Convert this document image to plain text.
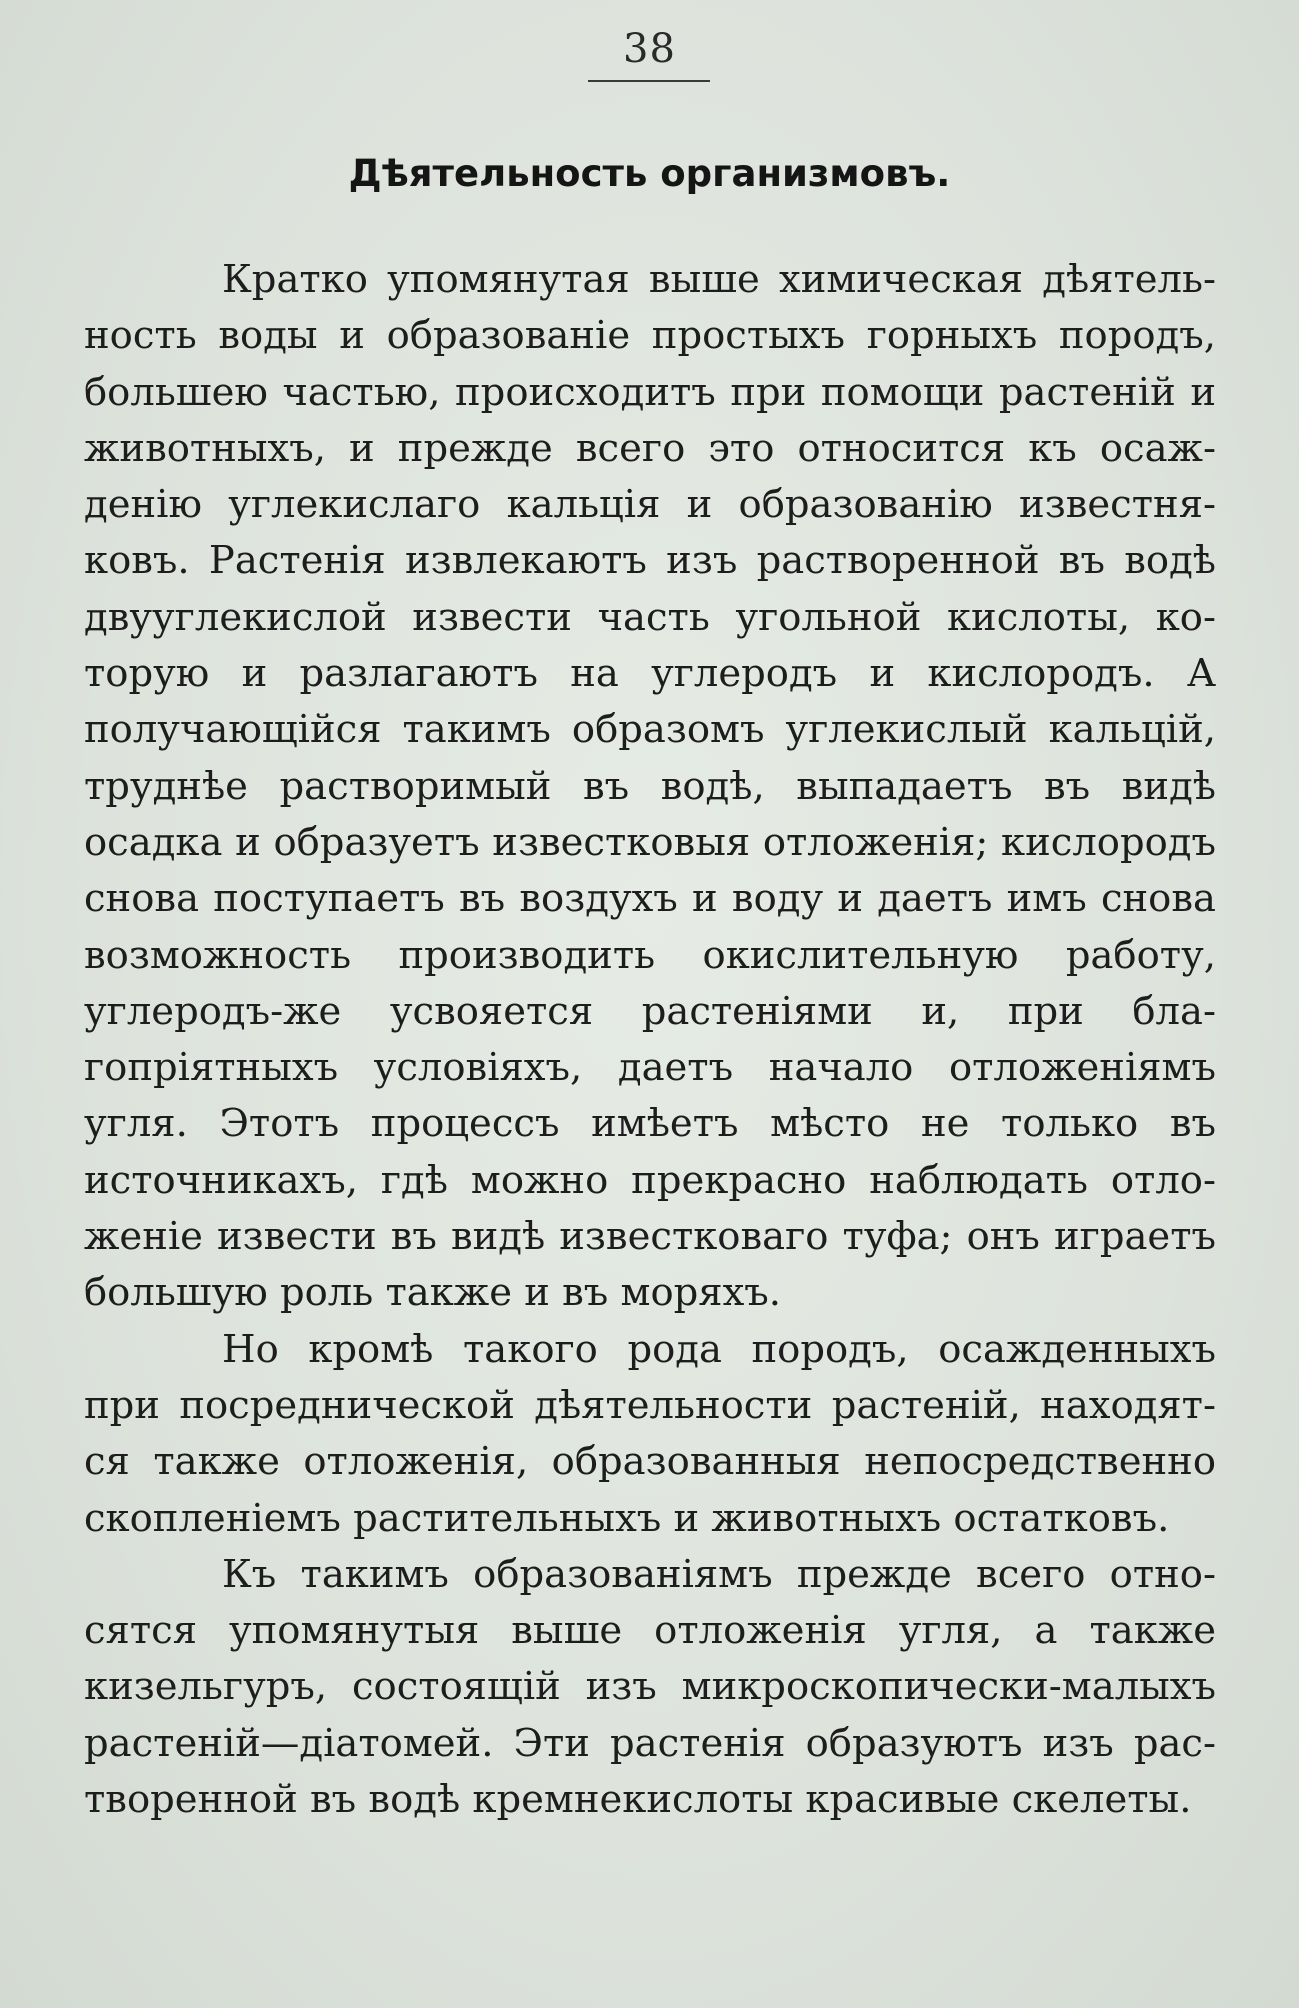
38
Дѣятельность организмовъ.

Кратко упомянутая выше химическая дѣятельность воды и образованіе простыхъ горныхъ породъ, большею частью, происходитъ при помощи растеній и животныхъ, и прежде всего это относится къ осажденію углекислаго кальція и образованію известняковъ. Растенія извлекаютъ изъ растворенной въ водѣ двууглекислой извести часть угольной кислоты, которую и разлагаютъ на углеродъ и кислородъ. А получающійся такимъ образомъ углекислый кальцій, труднѣе растворимый въ водѣ, выпадаетъ въ видѣ осадка и образуетъ известковыя отложенія; кислородъ снова поступаетъ въ воздухъ и воду и даетъ имъ снова возможность производить окислительную работу, углеродъ-же усвояется растеніями и, при благопріятныхъ условіяхъ, даетъ начало отложеніямъ угля. Этотъ процессъ имѣетъ мѣсто не только въ источникахъ, гдѣ можно прекрасно наблюдать отложеніе извести въ видѣ известковаго туфа; онъ играетъ большую роль также и въ моряхъ.

Но кромѣ такого рода породъ, осажденныхъ при посреднической дѣятельности растеній, находятся также отложенія, образованныя непосредственно скопленіемъ растительныхъ и животныхъ остатковъ.

Къ такимъ образованіямъ прежде всего относятся упомянутыя выше отложенія угля, а также кизельгуръ, состоящій изъ микроскопически-малыхъ растеній—діатомей. Эти растенія образуютъ изъ растворенной въ водѣ кремнекислоты красивые скелеты.
